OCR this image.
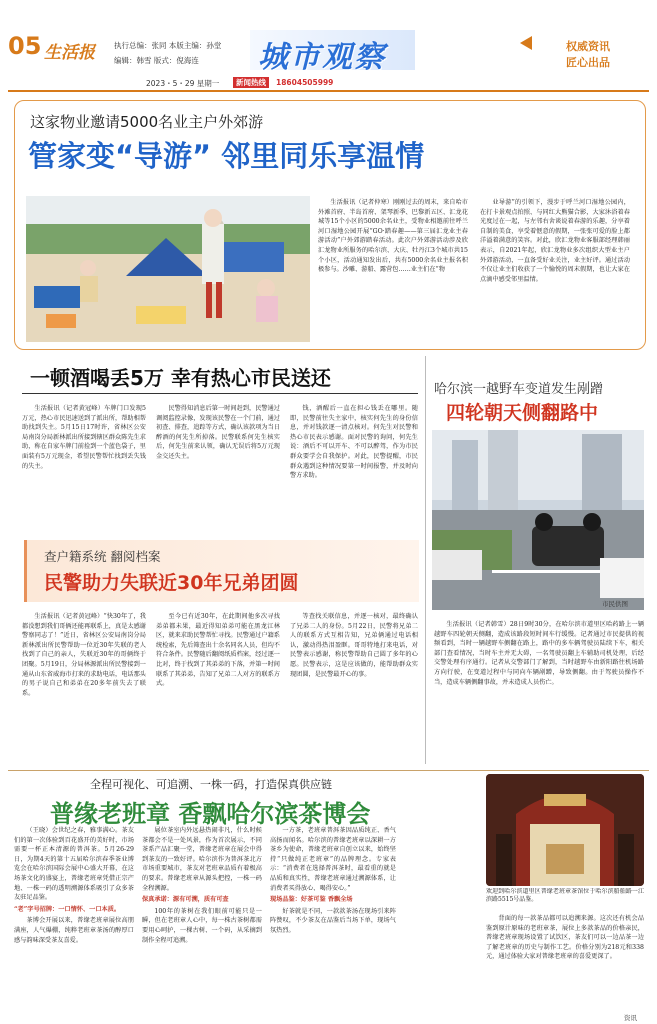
05 生活报	执行总编：张同 本版主编：孙堂
编辑：韩雪 版式：倪海连 城市观察	权威资讯
匠心出品
2023・5・29 星期一	新闻热线	18604505999
这家物业邀请5000名业主户外郊游
管家变“导游” 邻里同乐享温情

生活报讯（记者仲寒）刚刚过去的周末，来自哈市外滩首府、半岛首府、架琴新季、巴黎新五区、汇龙花城等15个小区的5000余名业主，受物业相邀前往呼兰河口湿地公园开展“GO·踏春趣——第三届汇龙业主春游活动”户外郊游踏春活动。此次户外郊游活动涉及欣汇龙物业所服务的哈尔滨、大庆、牡丹江3个城市共15个小区，活动通知发出后，共有5000余名业主报名积极参与。沙雕、游船、露营包……业主们在“物

业导游”的引领下，漫步于呼兰河口湿地公园内，在打卡景观点拍照、与同红大熊猫合影，大家沐浴着春光度过在一起，与左邻右舍谈说着春游的乐趣，分享着自制的美食，享受着惬意的假期，一张张可爱的脸上都洋溢着满意的笑容。对此，欣汇龙物业客服部经理韩丽表示，自2021年起，欣汇龙物业多次组织大型业主户外郊游活动，一直备受好业关注，业主好评。通过活动不仅让业主们收获了一个愉悦的周末假期，也让大家在点滴中感受邻里温情。

一顿酒喝丢5万 幸有热心市民送还

生活报讯（记者黄冠峰）车牌门口发现5万元，热心市民迅速送到了派出所，帮助相帮助找到失主。5月15日17时许，省林区公安局南岗分局新林派出所接到辖区群众陈先生求助，称在自家车牌门前捡到一个蓝色袋子，里面装有5万元现金，希望民警帮忙找到丢失钱的失主。

民警得知消息后第一时间赶到，民警通过调阅监控录像，发现该民警在一个门前，通过初查、排查，追踪等方式，确认该款项为当日醉酒的何先生所掉落。民警联系何先生核实后，何先生前来认领，确认无误后将5万元现金交还失主。

钱，酒醒后一直在担心钱丢在哪里。随即，民警前往失主家中，核实何先生的身份信息，并对钱款逐一清点核对。何先生对民警和热心市民表示感谢。面对民警的询问，何先生说：酒后不可以开车、不可以醉驾，作为市民群众要学会自我保护。对此，民警提醒，市民群众遇到这种情况要第一时间报警，并及时向警方求助。

查户籍系统 翻阅档案
民警助力失联近30年兄弟团圆

生活报讯（记者黄冠峰）“快30年了，我都没想到我们哥俩还能再联系上，真是太感谢警察同志了！”近日，省林区公安局南岗分局新林派出所民警帮助一位近30年失联的老人找到了自己的亲人，失联近30年的哥俩终于团聚。5月19日，分局林源派出所民警接到一通从山东省威海市打来的求助电话，电话那头的男子说自己和弟弟在20多年前失去了联系。

至今已有近30年，在此期间他多次寻找弟弟都未果，最近得知弟弟可能在黑龙江林区，就来求助民警帮忙寻找。民警通过户籍系统检索，先后筛查出十余名同名人员，但均不符合条件。民警随后翻阅纸质档案，经过逐一比对，终于找到了其弟弟的下落，并第一时间联系了其弟弟，告知了兄弟二人对方的联系方式。

等查找关联信息，并逐一核对，最终确认了兄弟二人的身份。5月22日，民警将兄弟二人的联系方式互相告知，兄弟俩通过电话相认，激动得热泪盈眶。哥哥特地打来电话，对民警表示感谢，称民警帮助自己圆了多年的心愿。民警表示，这是应该做的，能帮助群众实现团圆，是民警最开心的事。

哈尔滨一越野车变道发生剐蹭
四轮朝天侧翻路中
市民供图

生活报讯（记者韩雪）28日9时30分，在哈尔滨市道里区哈药路上一辆越野车四轮朝天侧翻，造成该路段短时间车行缓慢。记者通过市民提供的视频看到，当时一辆越野车侧翻在路上，路中的多车辆驾驶员陆续下车，相关部门查看情况，当时车主并无大碍，一名驾驶员翻上车辅助司机处理，后经交警处理有序通行。记者从交警部门了解到，当时越野车由新阳路往机场路方向行驶，在变道过程中与同向车辆剐蹭，导致侧翻。由于驾驶员操作不当，造成车辆侧翻事故，并未造成人员伤亡。

全程可视化、可追溯、一株一码，打造保真供应链
普缘老班章 香飘哈尔滨茶博会

（王晓）会世纪之春，雅事满心。茶友们的第一次体验到百花盛开的美好时，市场需要一杯正本清源的普洱茶。5月26-29日，为期4天的第十五届哈尔滨春季茶业博览会在哈尔滨国际会展中心盛大开幕，在这场茶文化的盛宴上，普缘老班章凭借正宗产地、一株一码的透明溯源体系吸引了众多茶友驻足品鉴。

“老”字号招牌：一口情怀、一口本质。

茶博会开展以来，普缘老班章展位高朋满座，人气爆棚，纯粹老班章茶汤的醇厚口感与韵味深受茶友喜爱。

展位茶室内外远悬热闹非凡，什么时候茶都会不是一处风景，作为首次展示，不同茶系产品汇聚一堂，普缘老班章在展会中得到茶友的一致好评。哈尔滨作为普洱茶北方市场重要城市，茶友对老班章品质有着极高的要求。普缘老班章从源头把控，一株一码全程溯源。

保真承诺：源有可溯，质有可查

100年的茶树在我们眼前可能只是一瞬，但在老班章人心中，每一株古茶树都需要用心呵护，一棵古树、一个码，从采摘到制作全程可追溯。

一方茶，老班章普洱茶因品质纯正、香气高扬而闻名。哈尔滨的普缘老班章以深耕一方茶乡为使命，普缘老班章自创立以来，始终坚持“只做纯正老班章”的品牌理念。专家表示：“消费者在选择普洱茶时，最看重的就是品质和真实性，普缘老班章通过溯源体系，让消费者买得放心、喝得安心。”

现场品鉴：好茶可鉴 香飘全场

好茶就是不同，一款款茶汤在现场引来阵阵赞叹，不少茶友在品鉴后当场下单，现场气氛热烈。

欢迎到哈尔滨道里区普缘老班章茶馆位于哈尔滨船舶路一江滨路5515号品鉴。

背面的每一款茶品都可以追溯来源。这次还有机会品鉴到原汁原味的老班章茶，展位上多款茶品的价格亲民，普缘老班章现场设置了试饮区，茶友们可以一边品茶一边了解老班章的历史与制作工艺。价格分别为218元和338元，通过体验大家对普缘老班章的喜爱更深了。

资讯
